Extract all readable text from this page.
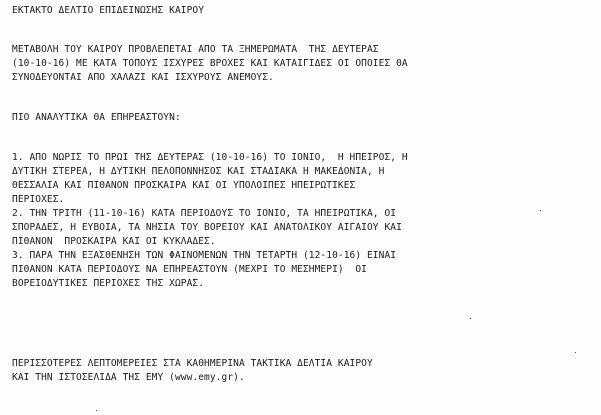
ΕΚΤΑΚΤΟ ΔΕΛΤΙΟ ΕΠΙΔΕΙΝΩΣΗΣ ΚΑΙΡΟΥ

ΜΕΤΑΒΟΛΗ ΤΟΥ ΚΑΙΡΟΥ ΠΡΟΒΛΕΠΕΤΑΙ ΑΠΟ ΤΑ ΞΗΜΕΡΩΜΑΤΑ  ΤΗΣ ΔΕΥΤΕΡΑΣ

(10-10-16) ΜΕ ΚΑΤΑ ΤΟΠΟΥΣ ΙΣΧΥΡΕΣ ΒΡΟΧΕΣ ΚΑΙ ΚΑΤΑΙΓΙΔΕΣ ΟΙ ΟΠΟΙΕΣ ΘΑ

ΣΥΝΟΔΕΥΟΝΤΑΙ ΑΠΟ ΧΑΛΑΖΙ ΚΑΙ ΙΣΧΥΡΟΥΣ ΑΝΕΜΟΥΣ.

ΠΙΟ ΑΝΑΛΥΤΙΚΑ ΘΑ ΕΠΗΡΕΑΣΤΟΥΝ:

1. ΑΠΟ ΝΩΡΙΣ ΤΟ ΠΡΩΙ ΤΗΣ ΔΕΥΤΕΡΑΣ (10-10-16) ΤΟ ΙΟΝΙΟ,  Η ΗΠΕΙΡΟΣ, Η

ΔΥΤΙΚΗ ΣΤΕΡΕΑ, Η ΔΥΤΙΚΗ ΠΕΛΟΠΟΝΝΗΣΟΣ ΚΑΙ ΣΤΑΔΙΑΚΑ Η ΜΑΚΕΔΟΝΙΑ, Η

ΘΕΣΣΑΛΙΑ ΚΑΙ ΠΙΘΑΝΟΝ ΠΡΟΣΚΑΙΡΑ ΚΑΙ ΟΙ ΥΠΟΛΟΙΠΕΣ ΗΠΕΙΡΩΤΙΚΕΣ

ΠΕΡΙΟΧΕΣ.

2. ΤΗΝ ΤΡΙΤΗ (11-10-16) ΚΑΤΑ ΠΕΡΙΟΔΟΥΣ ΤΟ ΙΟΝΙΟ, ΤΑ ΗΠΕΙΡΩΤΙΚΑ, ΟΙ

ΣΠΟΡΑΔΕΣ, Η ΕΥΒΟΙΑ, ΤΑ ΝΗΣΙΑ ΤΟΥ ΒΟΡΕΙΟΥ ΚΑΙ ΑΝΑΤΟΛΙΚΟΥ ΑΙΓΑΙΟΥ ΚΑΙ

ΠΙΘΑΝΟΝ  ΠΡΟΣΚΑΙΡΑ ΚΑΙ ΟΙ ΚΥΚΛΑΔΕΣ.

3. ΠΑΡΑ ΤΗΝ ΕΞΑΣΘΕΝΗΣΗ ΤΩΝ ΦΑΙΝΟΜΕΝΩΝ ΤΗΝ ΤΕΤΑΡΤΗ (12-10-16) ΕΙΝΑΙ

ΠΙΘΑΝΟΝ ΚΑΤΑ ΠΕΡΙΟΔΟΥΣ ΝΑ ΕΠΗΡΕΑΣΤΟΥΝ (ΜΕΧΡΙ ΤΟ ΜΕΣΗΜΕΡΙ)  ΟΙ

ΒΟΡΕΙΟΔΥΤΙΚΕΣ ΠΕΡΙΟΧΕΣ ΤΗΣ ΧΩΡΑΣ.

ΠΕΡΙΣΣΟΤΕΡΕΣ ΛΕΠΤΟΜΕΡΕΙΕΣ ΣΤΑ ΚΑΘΗΜΕΡΙΝΑ ΤΑΚΤΙΚΑ ΔΕΛΤΙΑ ΚΑΙΡΟΥ

ΚΑΙ ΤΗΝ ΙΣΤΟΣΕΛΙΔΑ ΤΗΣ ΕΜΥ (www.emy.gr).
